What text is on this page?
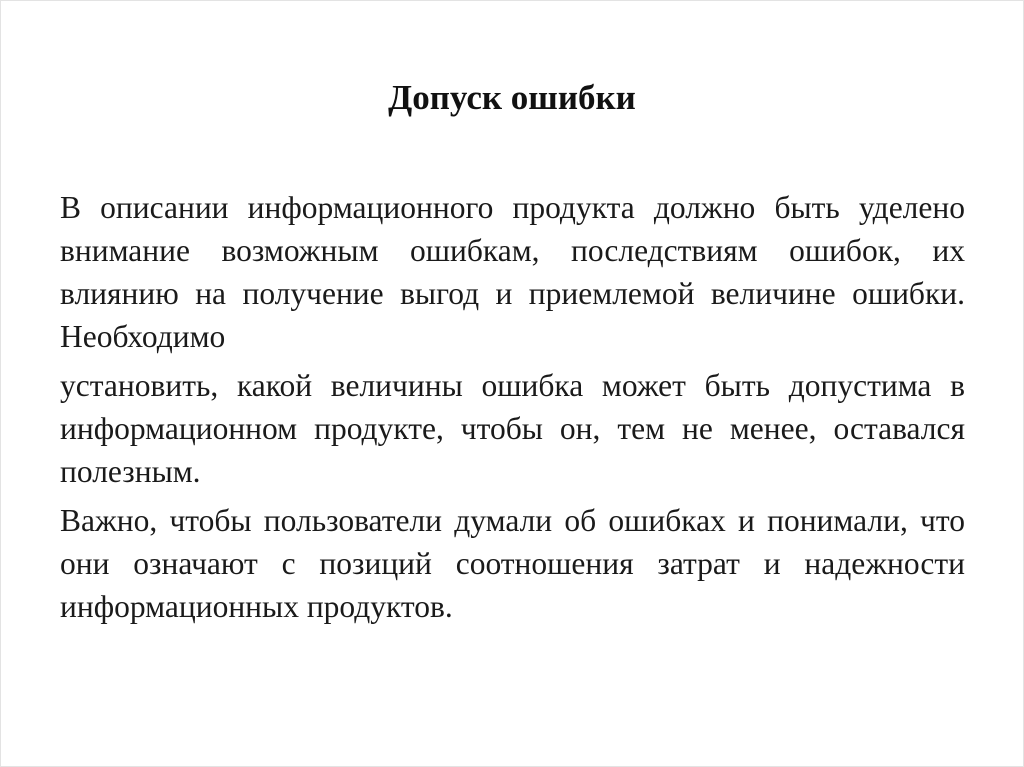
Допуск ошибки

В описании информационного продукта должно быть уделено внимание возможным ошибкам, последствиям ошибок, их влиянию на получение выгод и приемлемой величине ошибки. Необходимо

установить, какой величины ошибка может быть допустима в информационном продукте, чтобы он, тем не менее, оставался полезным.

Важно, чтобы пользователи думали об ошибках и понимали, что они означают с позиций соотношения затрат и надежности информационных продуктов.
